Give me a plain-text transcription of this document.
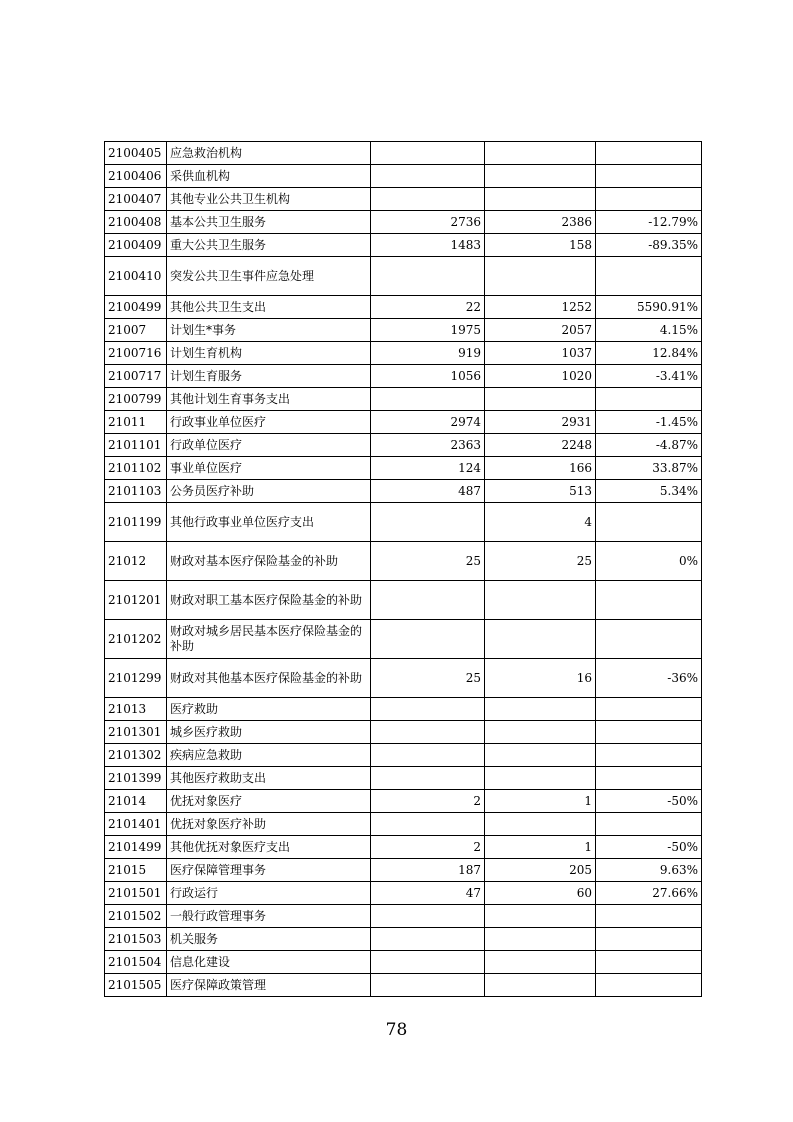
2100405	应急救治机构			
2100406	采供血机构			
2100407	其他专业公共卫生机构			
2100408	基本公共卫生服务	2736	2386	-12.79%
2100409	重大公共卫生服务	1483	158	-89.35%
2100410	突发公共卫生事件应急处理			
2100499	其他公共卫生支出	22	1252	5590.91%
21007	计划生*事务	1975	2057	4.15%
2100716	计划生育机构	919	1037	12.84%
2100717	计划生育服务	1056	1020	-3.41%
2100799	其他计划生育事务支出			
21011	行政事业单位医疗	2974	2931	-1.45%
2101101	行政单位医疗	2363	2248	-4.87%
2101102	事业单位医疗	124	166	33.87%
2101103	公务员医疗补助	487	513	5.34%
2101199	其他行政事业单位医疗支出		4	
21012	财政对基本医疗保险基金的补助	25	25	0%
2101201	财政对职工基本医疗保险基金的补助			
2101202	财政对城乡居民基本医疗保险基金的补助			
2101299	财政对其他基本医疗保险基金的补助	25	16	-36%
21013	医疗救助			
2101301	城乡医疗救助			
2101302	疾病应急救助			
2101399	其他医疗救助支出			
21014	优抚对象医疗	2	1	-50%
2101401	优抚对象医疗补助			
2101499	其他优抚对象医疗支出	2	1	-50%
21015	医疗保障管理事务	187	205	9.63%
2101501	行政运行	47	60	27.66%
2101502	一般行政管理事务			
2101503	机关服务			
2101504	信息化建设			
2101505	医疗保障政策管理			
78
